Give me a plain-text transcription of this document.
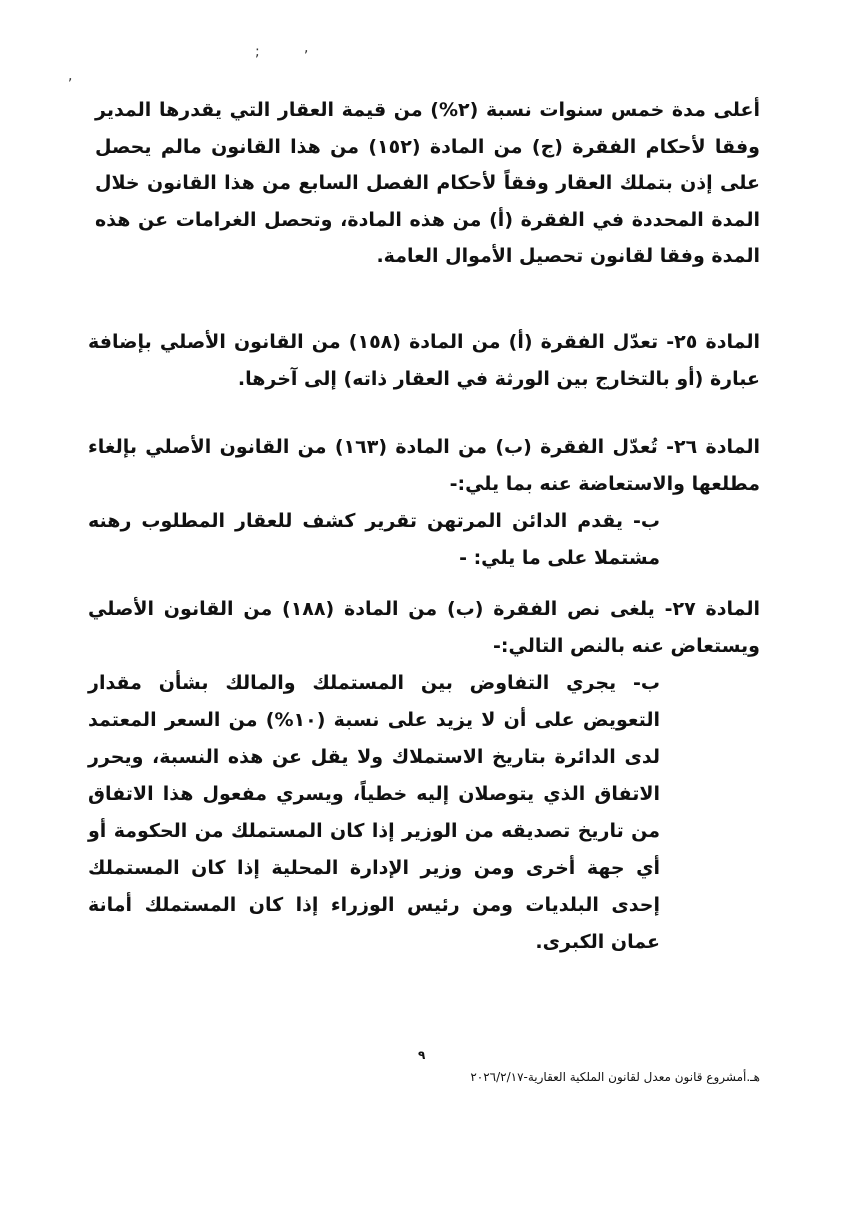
,
;
,

أعلى مدة خمس سنوات نسبة (٢%) من قيمة العقار التي يقدرها المدير وفقا لأحكام الفقرة (ج) من المادة (١٥٢) من هذا القانون مالم يحصل على إذن بتملك العقار وفقاً لأحكام الفصل السابع من هذا القانون خلال المدة المحددة في الفقرة (أ) من هذه المادة، وتحصل الغرامات عن هذه المدة وفقا لقانون تحصيل الأموال العامة.

المادة ٢٥- تعدّل الفقرة (أ) من المادة (١٥٨) من القانون الأصلي بإضافة عبارة (أو بالتخارج بين الورثة في العقار ذاته) إلى آخرها.
المادة ٢٦- تُعدّل الفقرة (ب) من المادة (١٦٣) من القانون الأصلي بإلغاء مطلعها والاستعاضة عنه بما يلي:-
ب- يقدم الدائن المرتهن تقرير كشف للعقار المطلوب رهنه مشتملا على ما يلي: -
المادة ٢٧- يلغى نص الفقرة (ب) من المادة (١٨٨) من القانون الأصلي ويستعاض عنه بالنص التالي:-
ب- يجري التفاوض بين المستملك والمالك بشأن مقدار التعويض على أن لا يزيد على نسبة (١٠%) من السعر المعتمد لدى الدائرة بتاريخ الاستملاك ولا يقل عن هذه النسبة، ويحرر الاتفاق الذي يتوصلان إليه خطياً، ويسري مفعول هذا الاتفاق من تاريخ تصديقه من الوزير إذا كان المستملك من الحكومة أو أي جهة أخرى ومن وزير الإدارة المحلية إذا كان المستملك إحدى البلديات ومن رئيس الوزراء إذا كان المستملك أمانة عمان الكبرى.
٩
هـ.أمشروع قانون معدل لقانون الملكية العقارية-٢٠٢٦/٢/١٧
